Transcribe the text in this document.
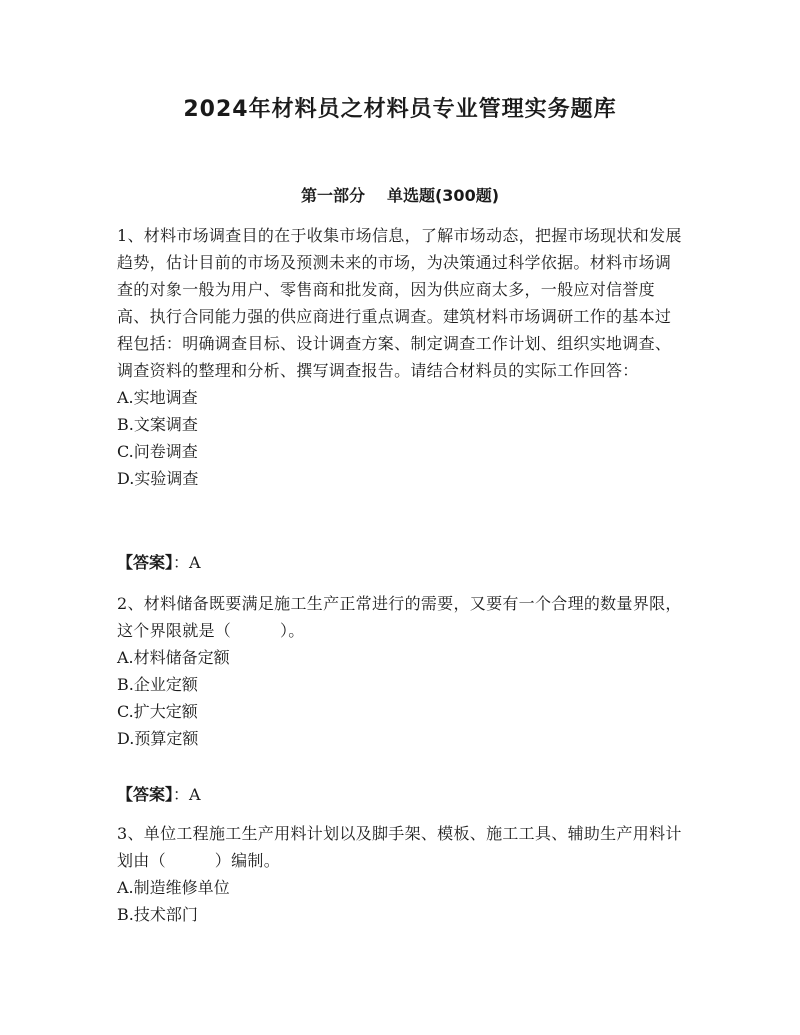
2024年材料员之材料员专业管理实务题库
第一部分 单选题(300题)

1、材料市场调查目的在于收集市场信息，了解市场动态，把握市场现状和发展趋势，估计目前的市场及预测未来的市场，为决策通过科学依据。材料市场调查的对象一般为用户、零售商和批发商，因为供应商太多，一般应对信誉度高、执行合同能力强的供应商进行重点调查。建筑材料市场调研工作的基本过程包括：明确调查目标、设计调查方案、制定调查工作计划、组织实地调查、调查资料的整理和分析、撰写调查报告。请结合材料员的实际工作回答：

A.实地调查

B.文案调查

C.问卷调查

D.实验调查

【答案】：A

2、材料储备既要满足施工生产正常进行的需要，又要有一个合理的数量界限，这个界限就是（　　　）。

A.材料储备定额

B.企业定额

C.扩大定额

D.预算定额

【答案】：A

3、单位工程施工生产用料计划以及脚手架、模板、施工工具、辅助生产用料计划由（　　　）编制。

A.制造维修单位

B.技术部门
